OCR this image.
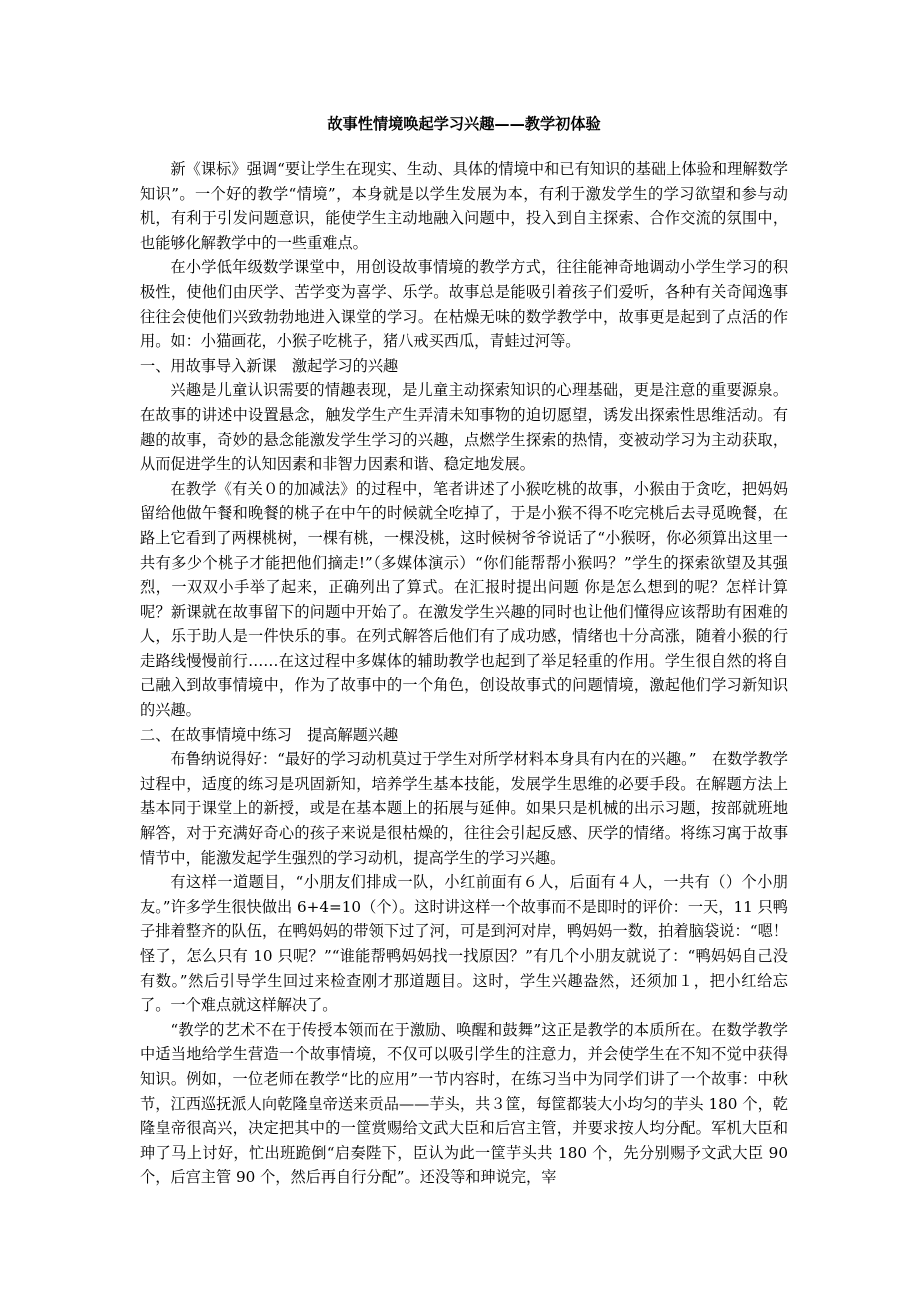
故事性情境唤起学习兴趣——教学初体验

新《课标》强调“要让学生在现实、生动、具体的情境中和已有知识的基础上体验和理解数学知识”。一个好的教学“情境”，本身就是以学生发展为本，有利于激发学生的学习欲望和参与动机，有利于引发问题意识，能使学生主动地融入问题中，投入到自主探索、合作交流的氛围中，也能够化解教学中的一些重难点。

在小学低年级数学课堂中，用创设故事情境的教学方式，往往能神奇地调动小学生学习的积极性，使他们由厌学、苦学变为喜学、乐学。故事总是能吸引着孩子们爱听，各种有关奇闻逸事往往会使他们兴致勃勃地进入课堂的学习。在枯燥无味的数学教学中，故事更是起到了点活的作用。如：小猫画花，小猴子吃桃子，猪八戒买西瓜，青蛙过河等。

一、用故事导入新课　激起学习的兴趣

兴趣是儿童认识需要的情趣表现，是儿童主动探索知识的心理基础，更是注意的重要源泉。在故事的讲述中设置悬念，触发学生产生弄清未知事物的迫切愿望，诱发出探索性思维活动。有趣的故事，奇妙的悬念能激发学生学习的兴趣，点燃学生探索的热情，变被动学习为主动获取，从而促进学生的认知因素和非智力因素和谐、稳定地发展。

在教学《有关０的加减法》的过程中，笔者讲述了小猴吃桃的故事，小猴由于贪吃，把妈妈留给他做午餐和晚餐的桃子在中午的时候就全吃掉了，于是小猴不得不吃完桃后去寻觅晚餐，在路上它看到了两棵桃树，一棵有桃，一棵没桃，这时候树爷爷说话了“小猴呀，你必须算出这里一共有多少个桃子才能把他们摘走!”（多媒体演示）“你们能帮帮小猴吗？”学生的探索欲望及其强烈，一双双小手举了起来，正确列出了算式。在汇报时提出问题 你是怎么想到的呢？怎样计算呢？新课就在故事留下的问题中开始了。在激发学生兴趣的同时也让他们懂得应该帮助有困难的人，乐于助人是一件快乐的事。在列式解答后他们有了成功感，情绪也十分高涨，随着小猴的行走路线慢慢前行……在这过程中多媒体的辅助教学也起到了举足轻重的作用。学生很自然的将自己融入到故事情境中，作为了故事中的一个角色，创设故事式的问题情境，激起他们学习新知识的兴趣。

二、在故事情境中练习　提高解题兴趣

布鲁纳说得好：“最好的学习动机莫过于学生对所学材料本身具有内在的兴趣。”　在数学教学过程中，适度的练习是巩固新知，培养学生基本技能，发展学生思维的必要手段。在解题方法上基本同于课堂上的新授，或是在基本题上的拓展与延伸。如果只是机械的出示习题，按部就班地解答，对于充满好奇心的孩子来说是很枯燥的，往往会引起反感、厌学的情绪。将练习寓于故事情节中，能激发起学生强烈的学习动机，提高学生的学习兴趣。

有这样一道题目，“小朋友们排成一队，小红前面有６人，后面有４人，一共有（）个小朋友。”许多学生很快做出 6+4=10（个）。这时讲这样一个故事而不是即时的评价：一天，11 只鸭子排着整齐的队伍，在鸭妈妈的带领下过了河，可是到河对岸，鸭妈妈一数，拍着脑袋说：“嗯！怪了，怎么只有 10 只呢？”“谁能帮鸭妈妈找一找原因？”有几个小朋友就说了：“鸭妈妈自己没有数。”然后引导学生回过来检查刚才那道题目。这时，学生兴趣盎然，还须加１，把小红给忘了。一个难点就这样解决了。

“教学的艺术不在于传授本领而在于激励、唤醒和鼓舞”这正是教学的本质所在。在数学教学中适当地给学生营造一个故事情境，不仅可以吸引学生的注意力，并会使学生在不知不觉中获得知识。例如，一位老师在教学“比的应用”一节内容时，在练习当中为同学们讲了一个故事：中秋节，江西巡抚派人向乾隆皇帝送来贡品——芋头，共３筐，每筐都装大小均匀的芋头 180 个，乾隆皇帝很高兴，决定把其中的一筐赏赐给文武大臣和后宫主管，并要求按人均分配。军机大臣和珅了马上讨好，忙出班跪倒“启奏陛下，臣认为此一筐芋头共 180 个，先分别赐予文武大臣 90 个，后宫主管 90 个，然后再自行分配”。还没等和珅说完，宰
